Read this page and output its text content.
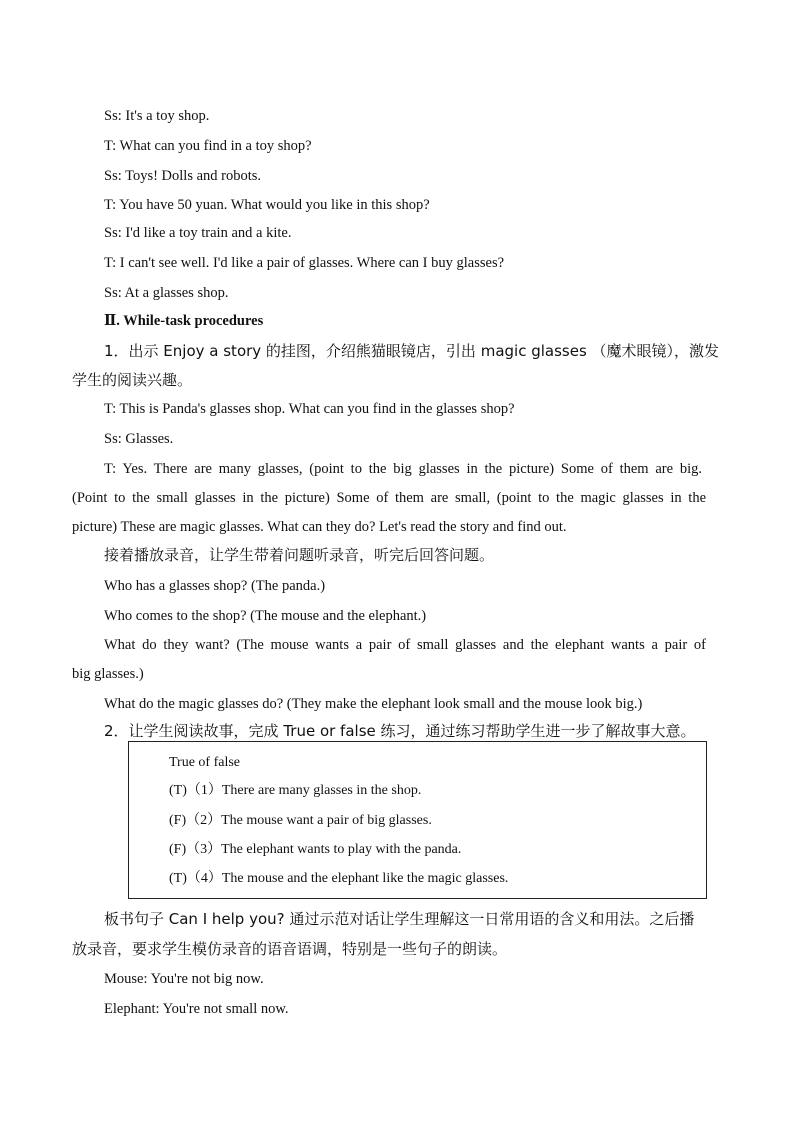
Ss: It's a toy shop.
T: What can you find in a toy shop?
Ss: Toys! Dolls and robots.
T: You have 50 yuan. What would you like in this shop?
Ss: I'd like a toy train and a kite.
T: I can't see well. I'd like a pair of glasses. Where can I buy glasses?
Ss: At a glasses shop.
Ⅱ. While-task procedures
1．出示 Enjoy a story 的挂图，介绍熊猫眼镜店，引出 magic glasses （魔术眼镜），激发
学生的阅读兴趣。
T: This is Panda's glasses shop. What can you find in the glasses shop?
Ss: Glasses.
T: Yes. There are many glasses, (point to the big glasses in the picture) Some of them are big.
(Point to the small glasses in the picture) Some of them are small, (point to the magic glasses in the
picture) These are magic glasses. What can they do? Let's read the story and find out.
接着播放录音，让学生带着问题听录音，听完后回答问题。
Who has a glasses shop? (The panda.)
Who comes to the shop? (The mouse and the elephant.)
What do they want? (The mouse wants a pair of small glasses and the elephant wants a pair of
big glasses.)
What do the magic glasses do? (They make the elephant look small and the mouse look big.)
2．让学生阅读故事，完成 True or false 练习，通过练习帮助学生进一步了解故事大意。
True of false
(T)（1）There are many glasses in the shop.
(F)（2）The mouse want a pair of big glasses.
(F)（3）The elephant wants to play with the panda.
(T)（4）The mouse and the elephant like the magic glasses.
板书句子 Can I help you? 通过示范对话让学生理解这一日常用语的含义和用法。之后播
放录音，要求学生模仿录音的语音语调，特别是一些句子的朗读。
Mouse: You're not big now.
Elephant: You're not small now.
